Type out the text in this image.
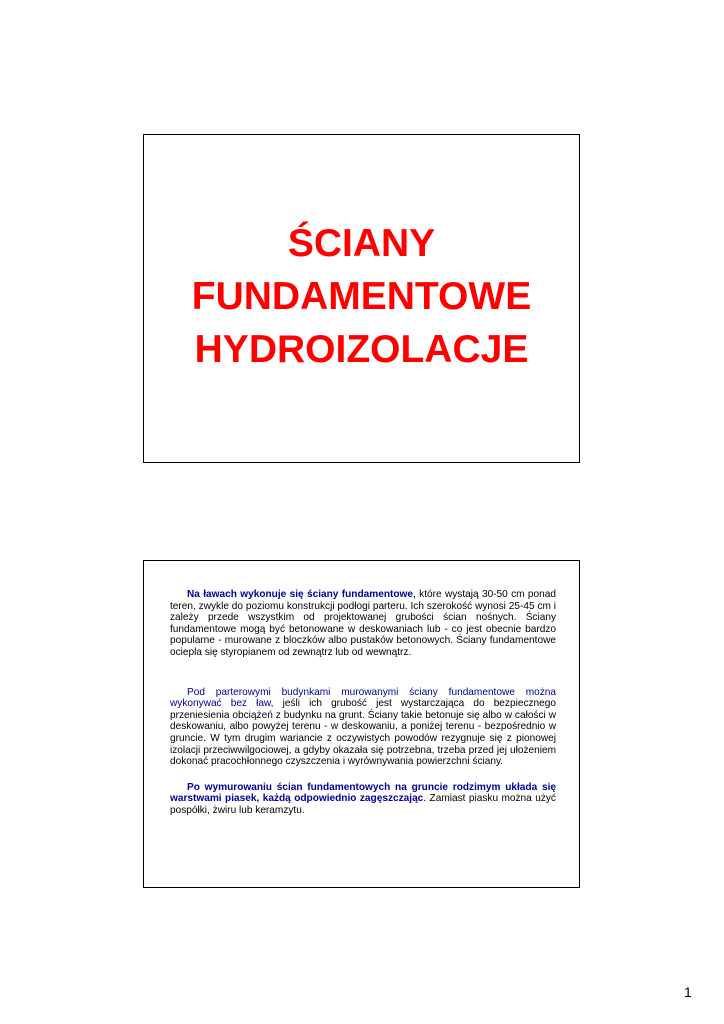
ŚCIANY
FUNDAMENTOWE
HYDROIZOLACJE

Na ławach wykonuje się ściany fundamentowe, które wystają 30-50 cm ponad teren, zwykle do poziomu konstrukcji podłogi parteru. Ich szerokość wynosi 25-45 cm i zależy przede wszystkim od projektowanej grubości ścian nośnych. Ściany fundamentowe mogą być betonowane w deskowaniach lub - co jest obecnie bardzo popularne - murowane z bloczków albo pustaków betonowych. Ściany fundamentowe ociepla się styropianem od zewnątrz lub od wewnątrz.

Pod parterowymi budynkami murowanymi ściany fundamentowe można wykonywać bez ław, jeśli ich grubość jest wystarczająca do bezpiecznego przeniesienia obciążeń z budynku na grunt. Ściany takie betonuje się albo w całości w deskowaniu, albo powyżej terenu - w deskowaniu, a poniżej terenu - bezpośrednio w gruncie. W tym drugim wariancie z oczywistych powodów rezygnuje się z pionowej izolacji przeciwwilgociowej, a gdyby okazała się potrzebna, trzeba przed jej ułożeniem dokonać pracochłonnego czyszczenia i wyrównywania powierzchni ściany.

Po wymurowaniu ścian fundamentowych na gruncie rodzimym układa się warstwami piasek, każdą odpowiednio zagęszczając. Zamiast piasku można użyć pospółki, żwiru lub keramzytu.

1
